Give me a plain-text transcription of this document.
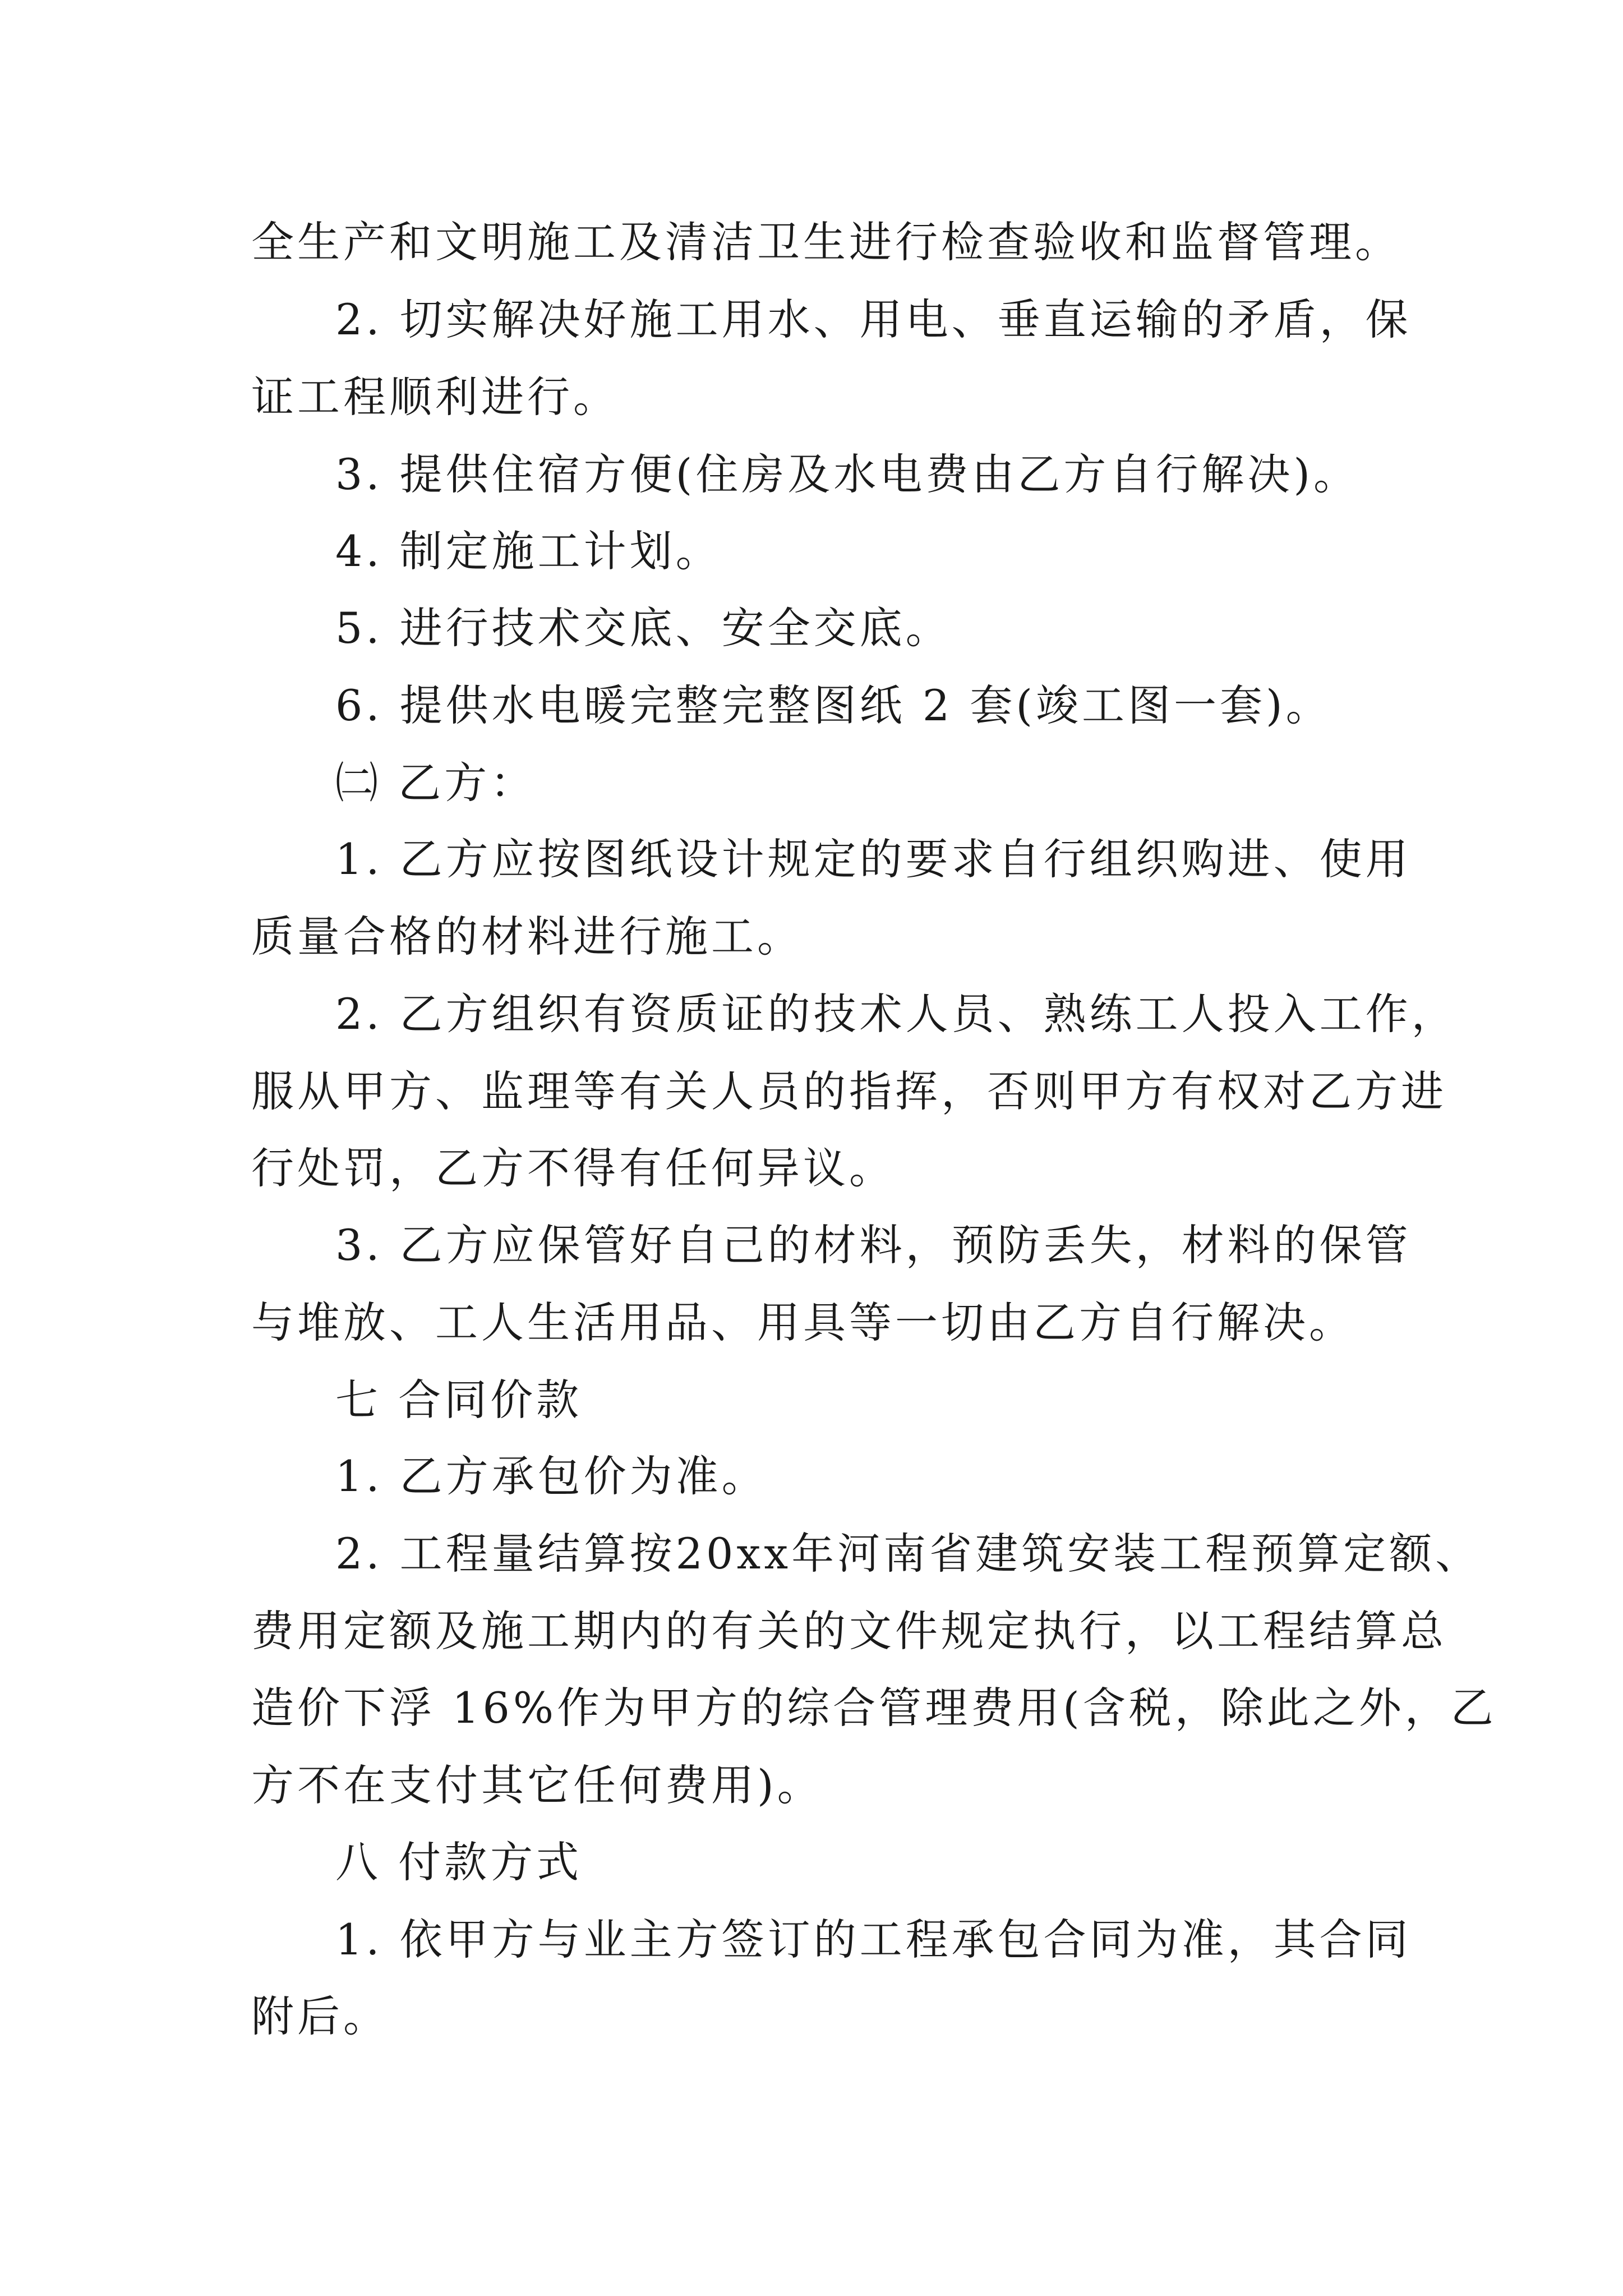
全生产和文明施工及清洁卫生进行检查验收和监督管理。
2. 切实解决好施工用水、用电、垂直运输的矛盾，保
证工程顺利进行。
3. 提供住宿方便(住房及水电费由乙方自行解决)。
4. 制定施工计划。
5. 进行技术交底、安全交底。
6. 提供水电暖完整完整图纸 2 套(竣工图一套)。
㈡ 乙方：
1. 乙方应按图纸设计规定的要求自行组织购进、使用
质量合格的材料进行施工。
2. 乙方组织有资质证的技术人员、熟练工人投入工作，
服从甲方、监理等有关人员的指挥，否则甲方有权对乙方进
行处罚，乙方不得有任何异议。
3. 乙方应保管好自己的材料，预防丢失，材料的保管
与堆放、工人生活用品、用具等一切由乙方自行解决。
七 合同价款
1. 乙方承包价为准。
2. 工程量结算按20xx年河南省建筑安装工程预算定额、
费用定额及施工期内的有关的文件规定执行，以工程结算总
造价下浮 16%作为甲方的综合管理费用(含税，除此之外，乙
方不在支付其它任何费用)。
八 付款方式
1. 依甲方与业主方签订的工程承包合同为准，其合同
附后。
